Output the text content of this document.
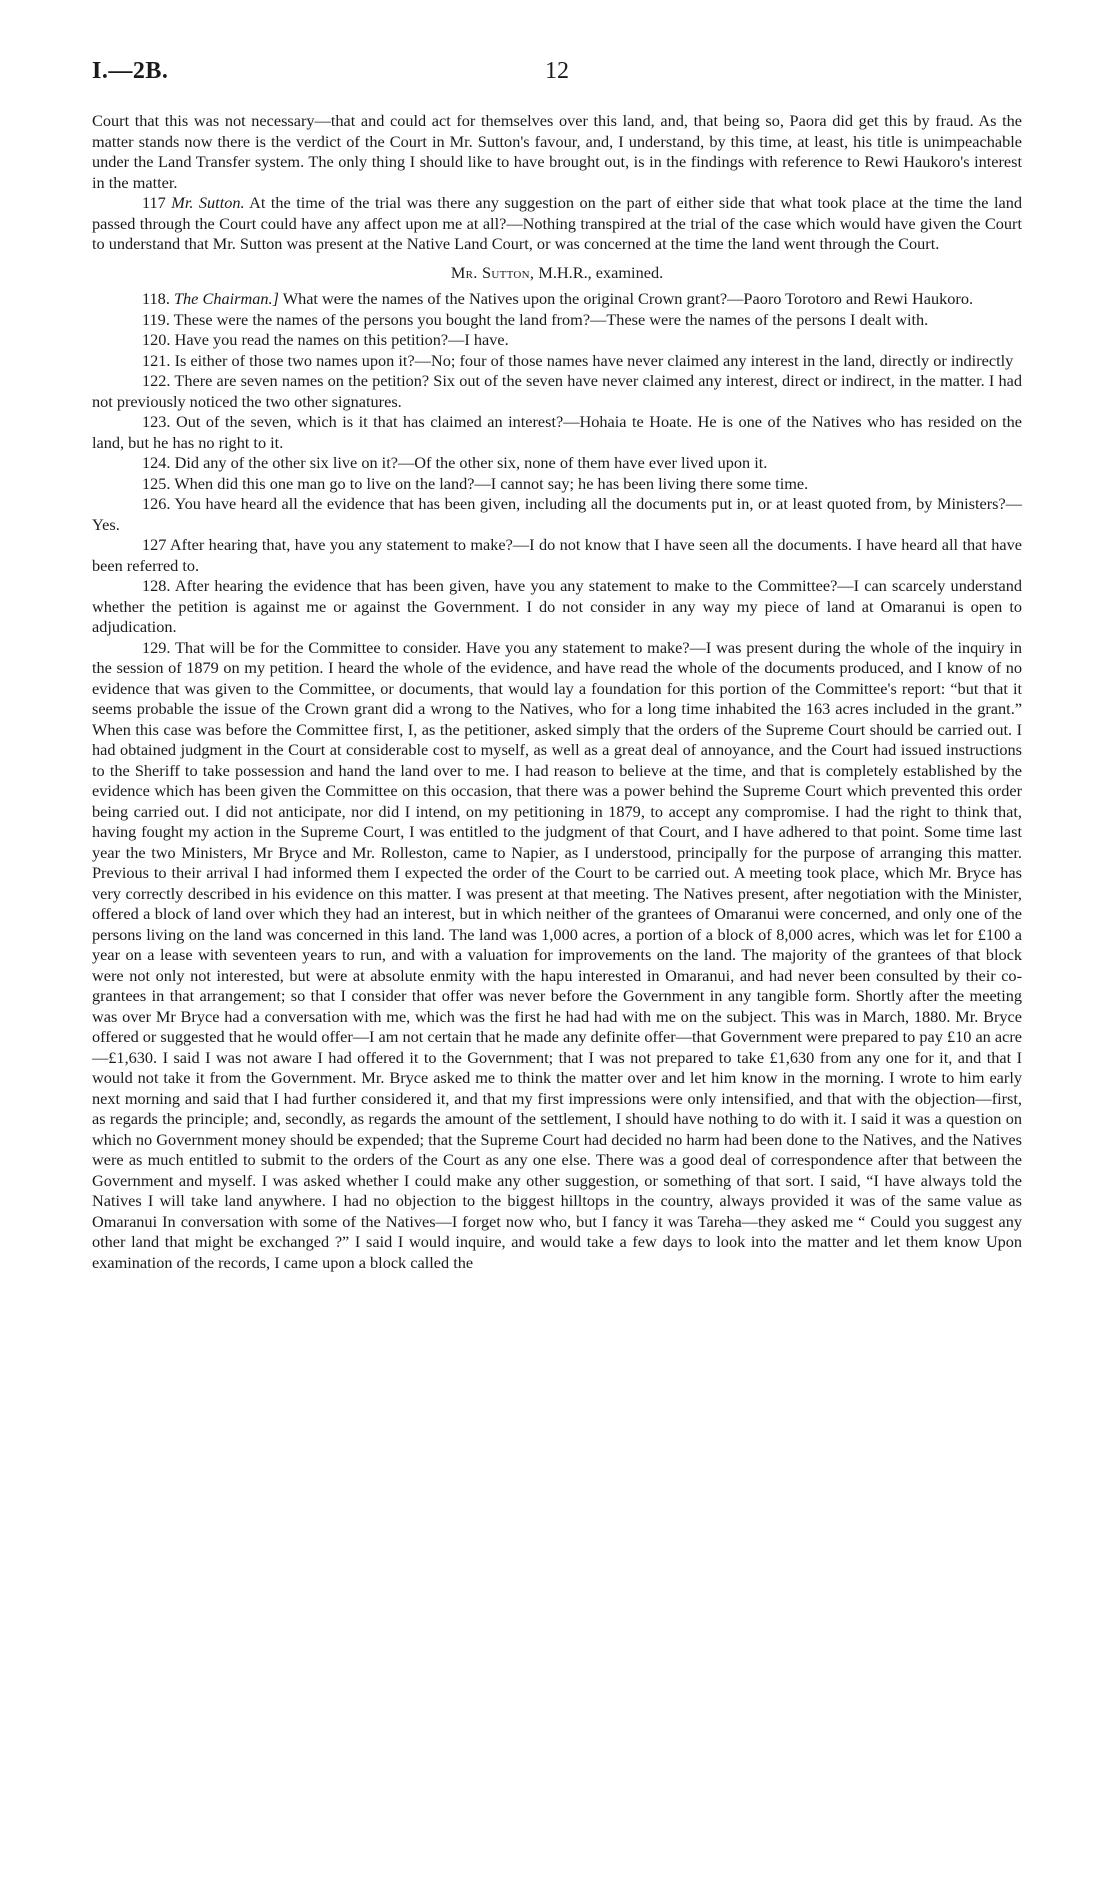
I.—2B.	12

Court that this was not necessary—that and could act for themselves over this land, and, that being so, Paora did get this by fraud. As the matter stands now there is the verdict of the Court in Mr. Sutton's favour, and, I understand, by this time, at least, his title is unimpeachable under the Land Transfer system. The only thing I should like to have brought out, is in the findings with reference to Rewi Haukoro's interest in the matter.

117 Mr. Sutton. At the time of the trial was there any suggestion on the part of either side that what took place at the time the land passed through the Court could have any affect upon me at all?—Nothing transpired at the trial of the case which would have given the Court to understand that Mr. Sutton was present at the Native Land Court, or was concerned at the time the land went through the Court.

Mr. Sutton, M.H.R., examined.

118. The Chairman.] What were the names of the Natives upon the original Crown grant?—Paoro Torotoro and Rewi Haukoro.

119. These were the names of the persons you bought the land from?—These were the names of the persons I dealt with.

120. Have you read the names on this petition?—I have.

121. Is either of those two names upon it?—No; four of those names have never claimed any interest in the land, directly or indirectly

122. There are seven names on the petition? Six out of the seven have never claimed any interest, direct or indirect, in the matter. I had not previously noticed the two other signatures.

123. Out of the seven, which is it that has claimed an interest?—Hohaia te Hoate. He is one of the Natives who has resided on the land, but he has no right to it.

124. Did any of the other six live on it?—Of the other six, none of them have ever lived upon it.

125. When did this one man go to live on the land?—I cannot say; he has been living there some time.

126. You have heard all the evidence that has been given, including all the documents put in, or at least quoted from, by Ministers?—Yes.

127 After hearing that, have you any statement to make?—I do not know that I have seen all the documents. I have heard all that have been referred to.

128. After hearing the evidence that has been given, have you any statement to make to the Committee?—I can scarcely understand whether the petition is against me or against the Government. I do not consider in any way my piece of land at Omaranui is open to adjudication.

129. That will be for the Committee to consider. Have you any statement to make?—I was present during the whole of the inquiry in the session of 1879 on my petition. I heard the whole of the evidence, and have read the whole of the documents produced, and I know of no evidence that was given to the Committee, or documents, that would lay a foundation for this portion of the Committee's report: “but that it seems probable the issue of the Crown grant did a wrong to the Natives, who for a long time inhabited the 163 acres included in the grant.” When this case was before the Committee first, I, as the petitioner, asked simply that the orders of the Supreme Court should be carried out. I had obtained judgment in the Court at considerable cost to myself, as well as a great deal of annoyance, and the Court had issued instructions to the Sheriff to take possession and hand the land over to me. I had reason to believe at the time, and that is completely established by the evidence which has been given the Committee on this occasion, that there was a power behind the Supreme Court which prevented this order being carried out. I did not anticipate, nor did I intend, on my petitioning in 1879, to accept any compromise. I had the right to think that, having fought my action in the Supreme Court, I was entitled to the judgment of that Court, and I have adhered to that point. Some time last year the two Ministers, Mr Bryce and Mr. Rolleston, came to Napier, as I understood, principally for the purpose of arranging this matter. Previous to their arrival I had informed them I expected the order of the Court to be carried out. A meeting took place, which Mr. Bryce has very correctly described in his evidence on this matter. I was present at that meeting. The Natives present, after negotiation with the Minister, offered a block of land over which they had an interest, but in which neither of the grantees of Omaranui were concerned, and only one of the persons living on the land was concerned in this land. The land was 1,000 acres, a portion of a block of 8,000 acres, which was let for £100 a year on a lease with seventeen years to run, and with a valuation for improvements on the land. The majority of the grantees of that block were not only not interested, but were at absolute enmity with the hapu interested in Omaranui, and had never been consulted by their co-grantees in that arrangement; so that I consider that offer was never before the Government in any tangible form. Shortly after the meeting was over Mr Bryce had a conversation with me, which was the first he had had with me on the subject. This was in March, 1880. Mr. Bryce offered or suggested that he would offer—I am not certain that he made any definite offer—that Government were prepared to pay £10 an acre—£1,630. I said I was not aware I had offered it to the Government; that I was not prepared to take £1,630 from any one for it, and that I would not take it from the Government. Mr. Bryce asked me to think the matter over and let him know in the morning. I wrote to him early next morning and said that I had further considered it, and that my first impressions were only intensified, and that with the objection—first, as regards the principle; and, secondly, as regards the amount of the settlement, I should have nothing to do with it. I said it was a question on which no Government money should be expended; that the Supreme Court had decided no harm had been done to the Natives, and the Natives were as much entitled to submit to the orders of the Court as any one else. There was a good deal of correspondence after that between the Government and myself. I was asked whether I could make any other suggestion, or something of that sort. I said, “I have always told the Natives I will take land anywhere. I had no objection to the biggest hilltops in the country, always provided it was of the same value as Omaranui In conversation with some of the Natives—I forget now who, but I fancy it was Tareha—they asked me “ Could you suggest any other land that might be exchanged ?” I said I would inquire, and would take a few days to look into the matter and let them know Upon examination of the records, I came upon a block called the
